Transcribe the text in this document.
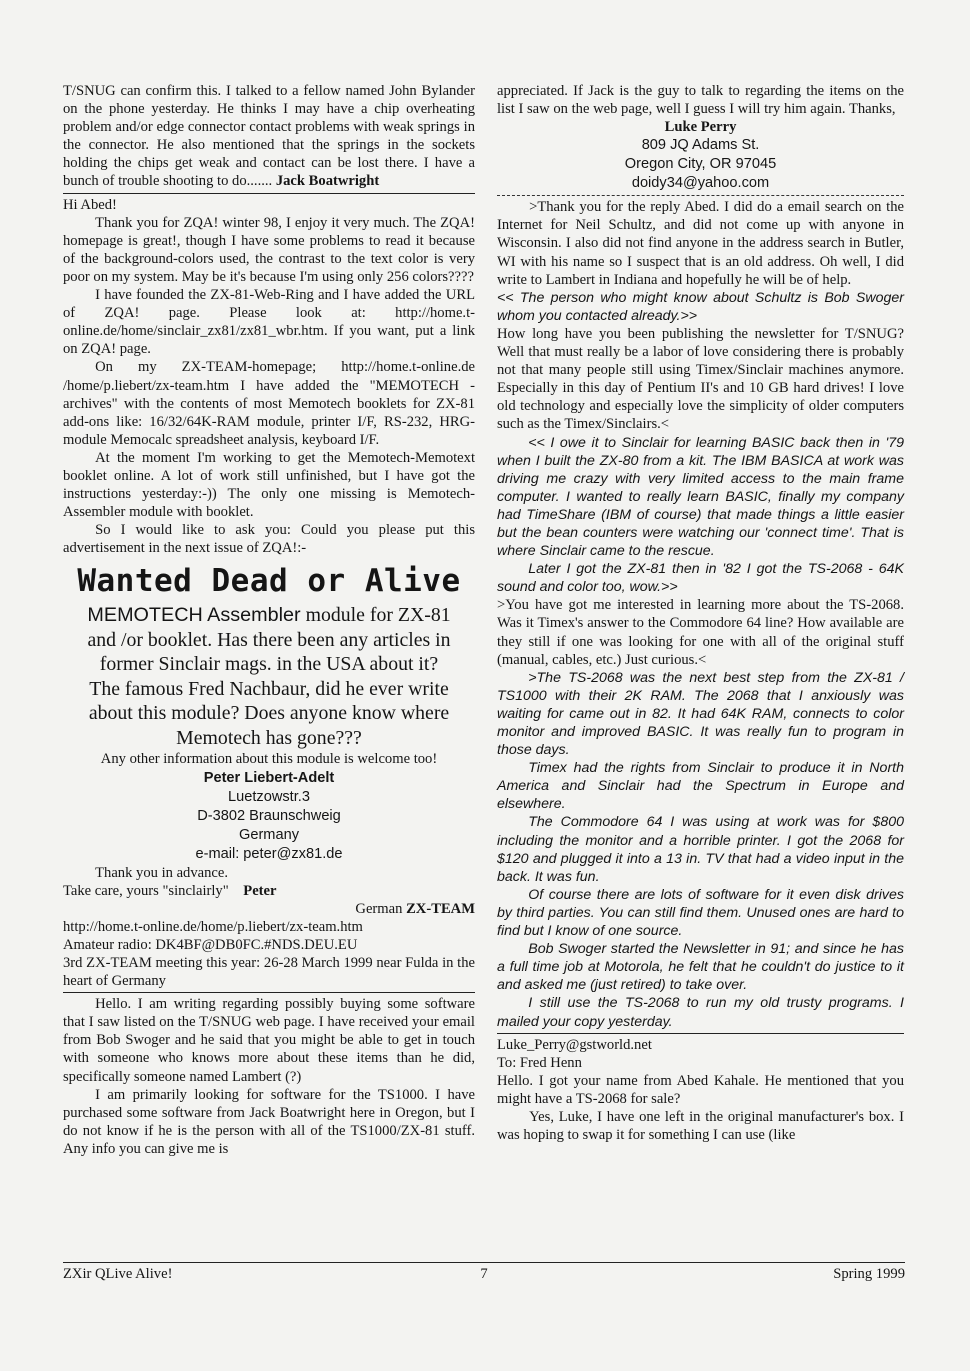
T/SNUG can confirm this. I talked to a fellow named John Bylander on the phone yesterday. He thinks I may have a chip overheating problem and/or edge connector contact problems with weak springs in the connector. He also mentioned that the springs in the sockets holding the chips get weak and contact can be lost there. I have a bunch of trouble shooting to do....... Jack Boatwright

Hi Abed!

Thank you for ZQA! winter 98, I enjoy it very much. The ZQA! homepage is great!, though I have some problems to read it because of the background-colors used, the contrast to the text color is very poor on my system. May be it's because I'm using only 256 colors????

I have founded the ZX-81-Web-Ring and I have added the URL of ZQA! page. Please look at: http://home.t-online.de/home/sinclair_zx81/zx81_wbr.htm. If you want, put a link on ZQA! page.

On my ZX-TEAM-homepage; http://home.t-online.de /home/p.liebert/zx-team.htm I have added the "MEMOTECH -archives" with the contents of most Memotech booklets for ZX-81 add-ons like: 16/32/64K-RAM module, printer I/F, RS-232, HRG-module Memocalc spreadsheet analysis, keyboard I/F.

At the moment I'm working to get the Memotech-Memotext booklet online. A lot of work still unfinished, but I have got the instructions yesterday:-)) The only one missing is Memotech-Assembler module with booklet.

So I would like to ask you: Could you please put this advertisement in the next issue of ZQA!:-

Wanted Dead or Alive
MEMOTECH Assembler module for ZX-81
and /or booklet. Has there been any articles in
former Sinclair mags. in the USA about it?
The famous Fred Nachbaur, did he ever write
about this module? Does anyone know where
Memotech has gone???

Any other information about this module is welcome too!

Peter Liebert-Adelt
Luetzowstr.3
D-3802 Braunschweig
Germany
e-mail: peter@zx81.de

Thank you in advance.

Take care, yours "sinclairly" Peter

German ZX-TEAM

http://home.t-online.de/home/p.liebert/zx-team.htm

Amateur radio: DK4BF@DB0FC.#NDS.DEU.EU

3rd ZX-TEAM meeting this year: 26-28 March 1999 near Fulda in the heart of Germany

Hello. I am writing regarding possibly buying some software that I saw listed on the T/SNUG web page. I have received your email from Bob Swoger and he said that you might be able to get in touch with someone who knows more about these items than he did, specifically someone named Lambert (?)

I am primarily looking for software for the TS1000. I have purchased some software from Jack Boatwright here in Oregon, but I do not know if he is the person with all of the TS1000/ZX-81 stuff. Any info you can give me is

appreciated. If Jack is the guy to talk to regarding the items on the list I saw on the web page, well I guess I will try him again. Thanks,

Luke Perry
809 JQ Adams St.
Oregon City, OR 97045
doidy34@yahoo.com

>Thank you for the reply Abed. I did do a email search on the Internet for Neil Schultz, and did not come up with anyone in Wisconsin. I also did not find anyone in the address search in Butler, WI with his name so I suspect that is an old address. Oh well, I did write to Lambert in Indiana and hopefully he will be of help.

<< The person who might know about Schultz is Bob Swoger whom you contacted already.>>

How long have you been publishing the newsletter for T/SNUG? Well that must really be a labor of love considering there is probably not that many people still using Timex/Sinclair machines anymore. Especially in this day of Pentium II's and 10 GB hard drives! I love old technology and especially love the simplicity of older computers such as the Timex/Sinclairs.<

<< I owe it to Sinclair for learning BASIC back then in '79 when I built the ZX-80 from a kit. The IBM BASICA at work was driving me crazy with very limited access to the main frame computer. I wanted to really learn BASIC, finally my company had TimeShare (IBM of course) that made things a little easier but the bean counters were watching our 'connect time'. That is where Sinclair came to the rescue.

Later I got the ZX-81 then in '82 I got the TS-2068 - 64K sound and color too, wow.>>

>You have got me interested in learning more about the TS-2068. Was it Timex's answer to the Commodore 64 line? How available are they still if one was looking for one with all of the original stuff (manual, cables, etc.) Just curious.<

>The TS-2068 was the next best step from the ZX-81 / TS1000 with their 2K RAM. The 2068 that I anxiously was waiting for came out in 82. It had 64K RAM, connects to color monitor and improved BASIC. It was really fun to program in those days.

Timex had the rights from Sinclair to produce it in North America and Sinclair had the Spectrum in Europe and elsewhere.

The Commodore 64 I was using at work was for $800 including the monitor and a horrible printer. I got the 2068 for $120 and plugged it into a 13 in. TV that had a video input in the back. It was fun.

Of course there are lots of software for it even disk drives by third parties. You can still find them. Unused ones are hard to find but I know of one source.

Bob Swoger started the Newsletter in 91; and since he has a full time job at Motorola, he felt that he couldn't do justice to it and asked me (just retired) to take over.

I still use the TS-2068 to run my old trusty programs. I mailed your copy yesterday.

Luke_Perry@gstworld.net

To: Fred Henn

Hello. I got your name from Abed Kahale. He mentioned that you might have a TS-2068 for sale?

Yes, Luke, I have one left in the original manufacturer's box. I was hoping to swap it for something I can use (like

ZXir QLive Alive!	7	Spring 1999
